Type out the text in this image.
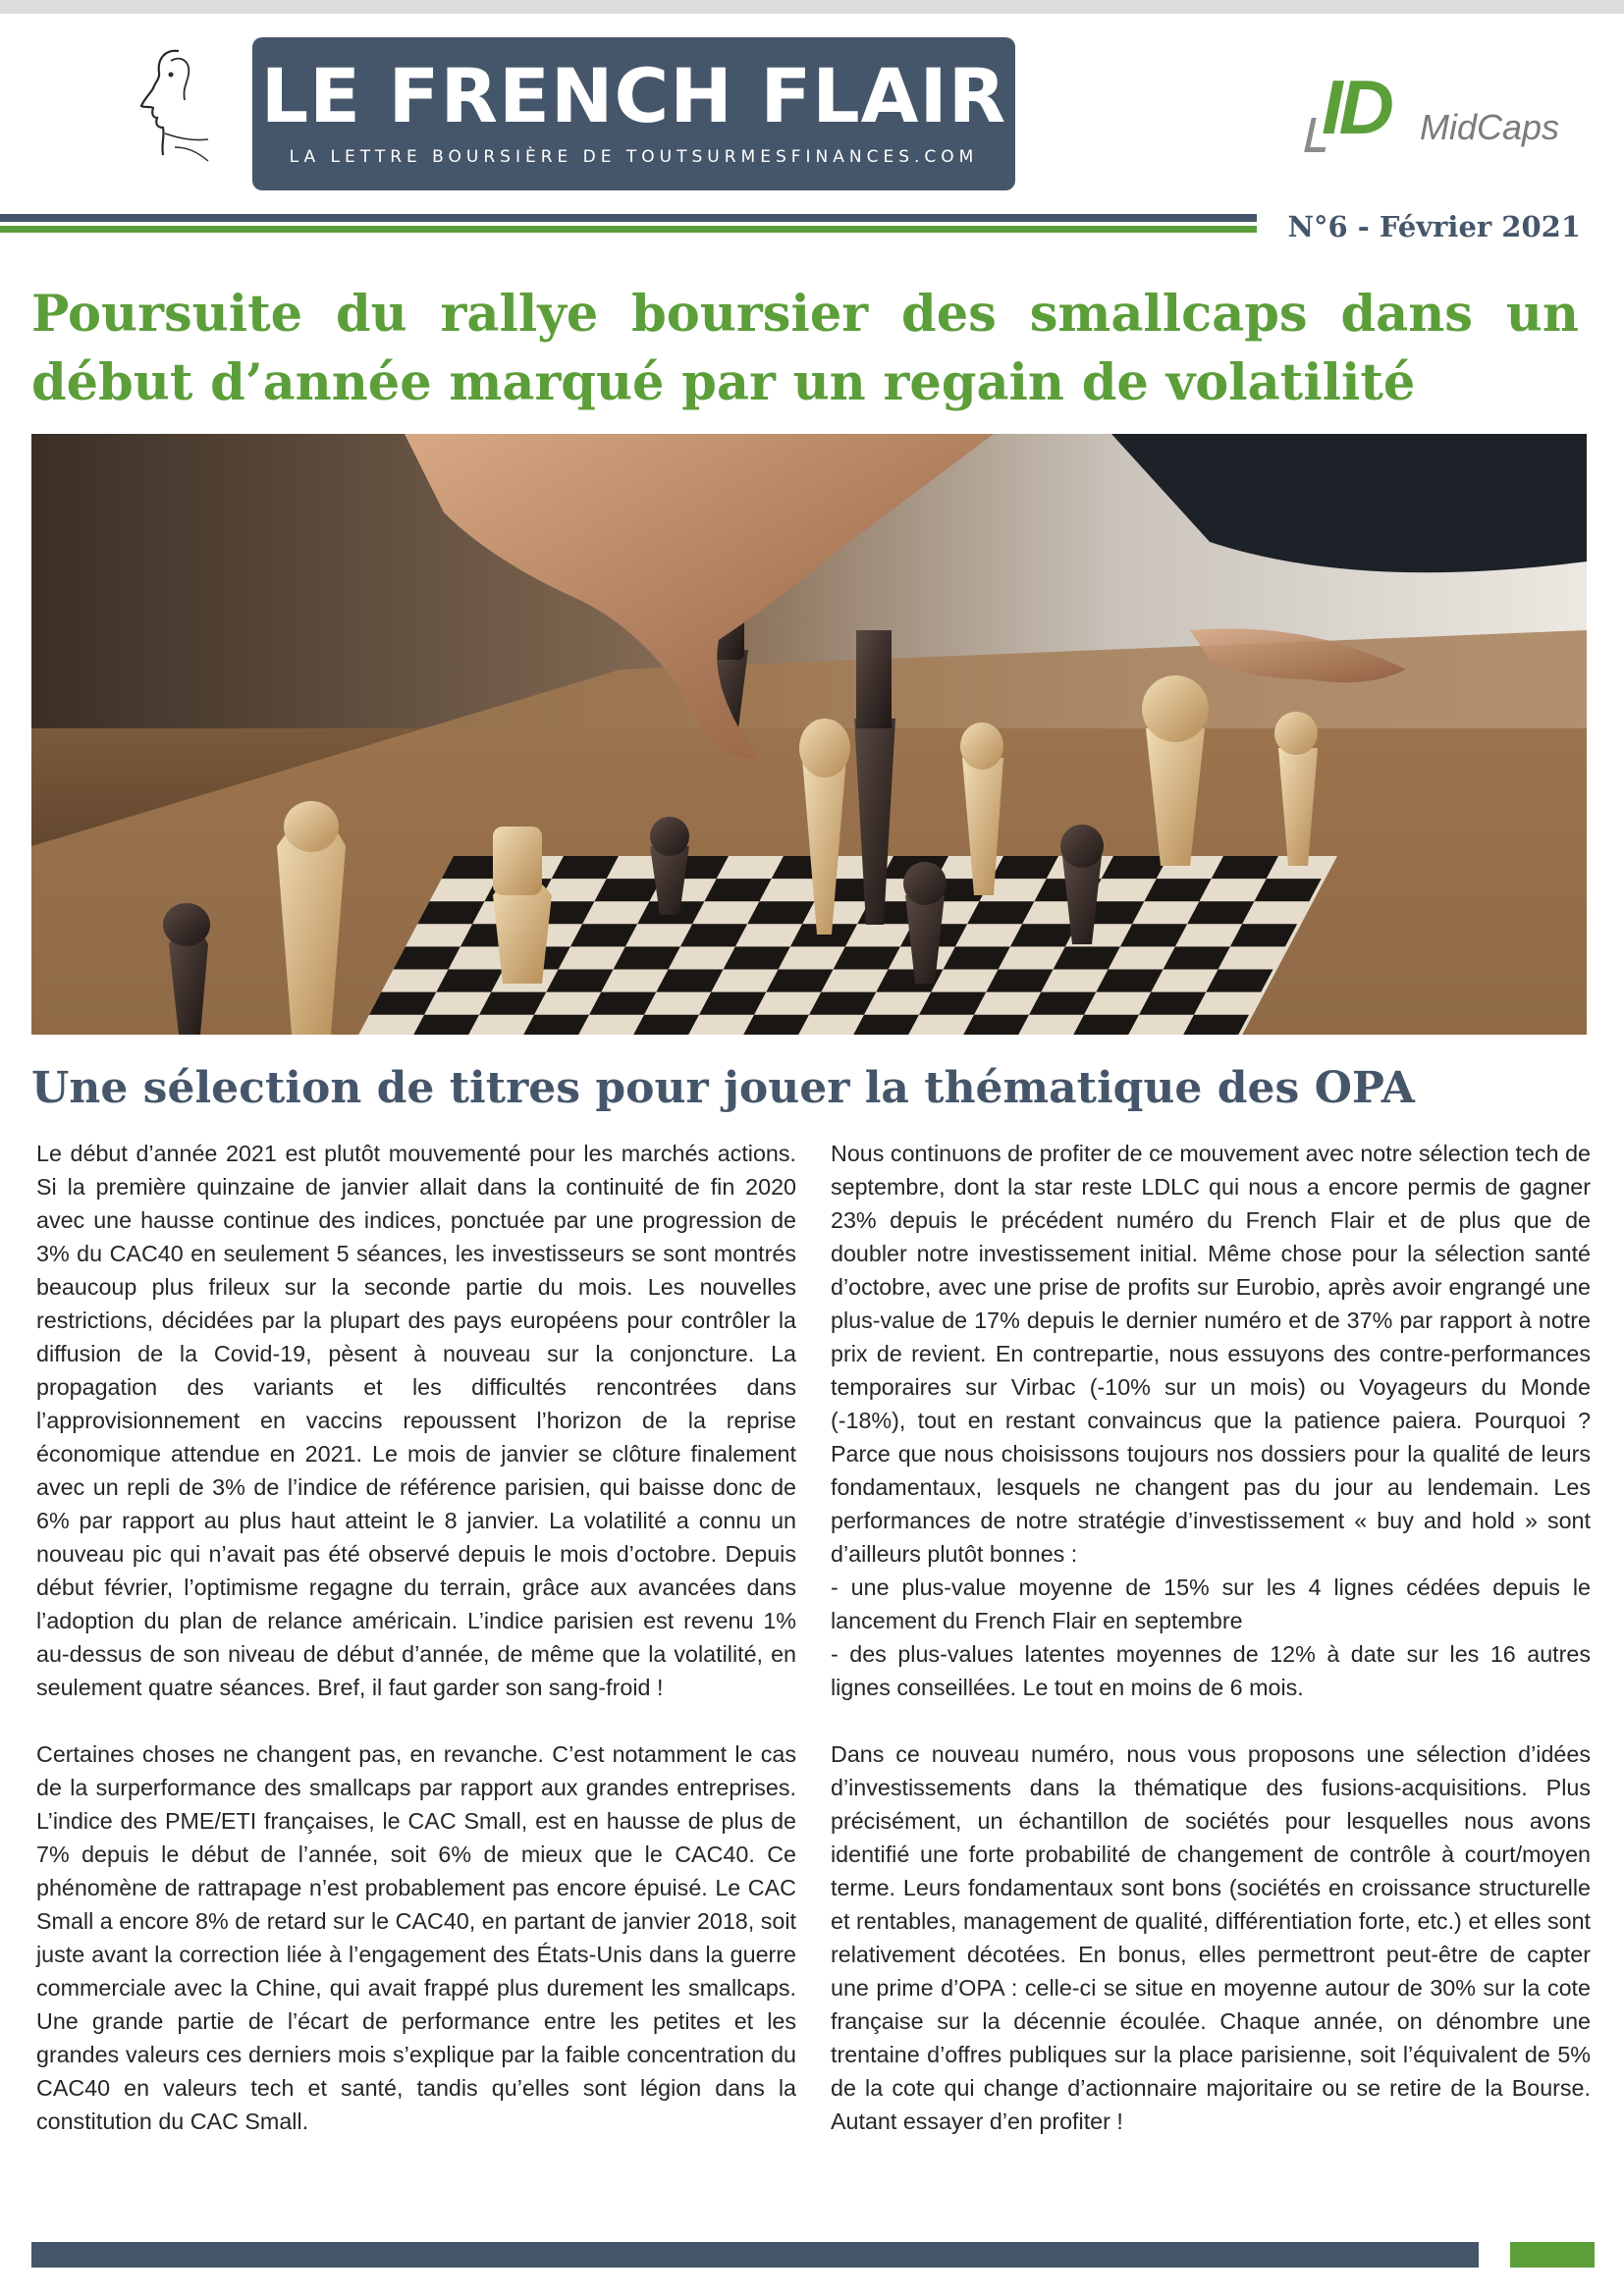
LE FRENCH FLAIR
LA LETTRE BOURSIÈRE DE TOUTSURMESFINANCES.COM
ID MidCaps
N°6 - Février 2021
Poursuite du rallye boursier des smallcaps dans un début d’année marqué par un regain de volatilité
Une sélection de titres pour jouer la thématique des OPA

Le début d’année 2021 est plutôt mouvementé pour les marchés actions. Si la première quinzaine de janvier allait dans la continuité de fin 2020 avec une hausse continue des indices, ponctuée par une progression de 3% du CAC40 en seulement 5 séances, les investisseurs se sont montrés beaucoup plus frileux sur la seconde partie du mois. Les nouvelles restrictions, décidées par la plupart des pays européens pour contrôler la diffusion de la Covid-19, pèsent à nouveau sur la conjoncture. La propagation des variants et les difficultés rencontrées dans l’approvisionnement en vaccins repoussent l’horizon de la reprise économique attendue en 2021. Le mois de janvier se clôture finalement avec un repli de 3% de l’indice de référence parisien, qui baisse donc de 6% par rapport au plus haut atteint le 8 janvier. La volatilité a connu un nouveau pic qui n’avait pas été observé depuis le mois d’octobre. Depuis début février, l’optimisme regagne du terrain, grâce aux avancées dans l’adoption du plan de relance américain. L’indice parisien est revenu 1% au-dessus de son niveau de début d’année, de même que la volatilité, en seulement quatre séances. Bref, il faut garder son sang-froid !

Certaines choses ne changent pas, en revanche. C’est notamment le cas de la surperformance des smallcaps par rapport aux grandes entreprises. L’indice des PME/ETI françaises, le CAC Small, est en hausse de plus de 7% depuis le début de l’année, soit 6% de mieux que le CAC40. Ce phénomène de rattrapage n’est probablement pas encore épuisé. Le CAC Small a encore 8% de retard sur le CAC40, en partant de janvier 2018, soit juste avant la correction liée à l’engagement des États-Unis dans la guerre commerciale avec la Chine, qui avait frappé plus durement les smallcaps. Une grande partie de l’écart de performance entre les petites et les grandes valeurs ces derniers mois s’explique par la faible concentration du CAC40 en valeurs tech et santé, tandis qu’elles sont légion dans la constitution du CAC Small.

Nous continuons de profiter de ce mouvement avec notre sélection tech de septembre, dont la star reste LDLC qui nous a encore permis de gagner 23% depuis le précédent numéro du French Flair et de plus que de doubler notre investissement initial. Même chose pour la sélection santé d’octobre, avec une prise de profits sur Eurobio, après avoir engrangé une plus-value de 17% depuis le dernier numéro et de 37% par rapport à notre prix de revient. En contrepartie, nous essuyons des contre-performances temporaires sur Virbac (-10% sur un mois) ou Voyageurs du Monde (-18%), tout en restant convaincus que la patience paiera. Pourquoi ? Parce que nous choisissons toujours nos dossiers pour la qualité de leurs fondamentaux, lesquels ne changent pas du jour au lendemain. Les performances de notre stratégie d’investissement « buy and hold » sont d’ailleurs plutôt bonnes :

- une plus-value moyenne de 15% sur les 4 lignes cédées depuis le lancement du French Flair en septembre

- des plus-values latentes moyennes de 12% à date sur les 16 autres lignes conseillées. Le tout en moins de 6 mois.

Dans ce nouveau numéro, nous vous proposons une sélection d’idées d’investissements dans la thématique des fusions-acquisitions. Plus précisément, un échantillon de sociétés pour lesquelles nous avons identifié une forte probabilité de changement de contrôle à court/moyen terme. Leurs fondamentaux sont bons (sociétés en croissance structurelle et rentables, management de qualité, différentiation forte, etc.) et elles sont relativement décotées. En bonus, elles permettront peut-être de capter une prime d’OPA : celle-ci se situe en moyenne autour de 30% sur la cote française sur la décennie écoulée. Chaque année, on dénombre une trentaine d’offres publiques sur la place parisienne, soit l’équivalent de 5% de la cote qui change d’actionnaire majoritaire ou se retire de la Bourse. Autant essayer d’en profiter !
